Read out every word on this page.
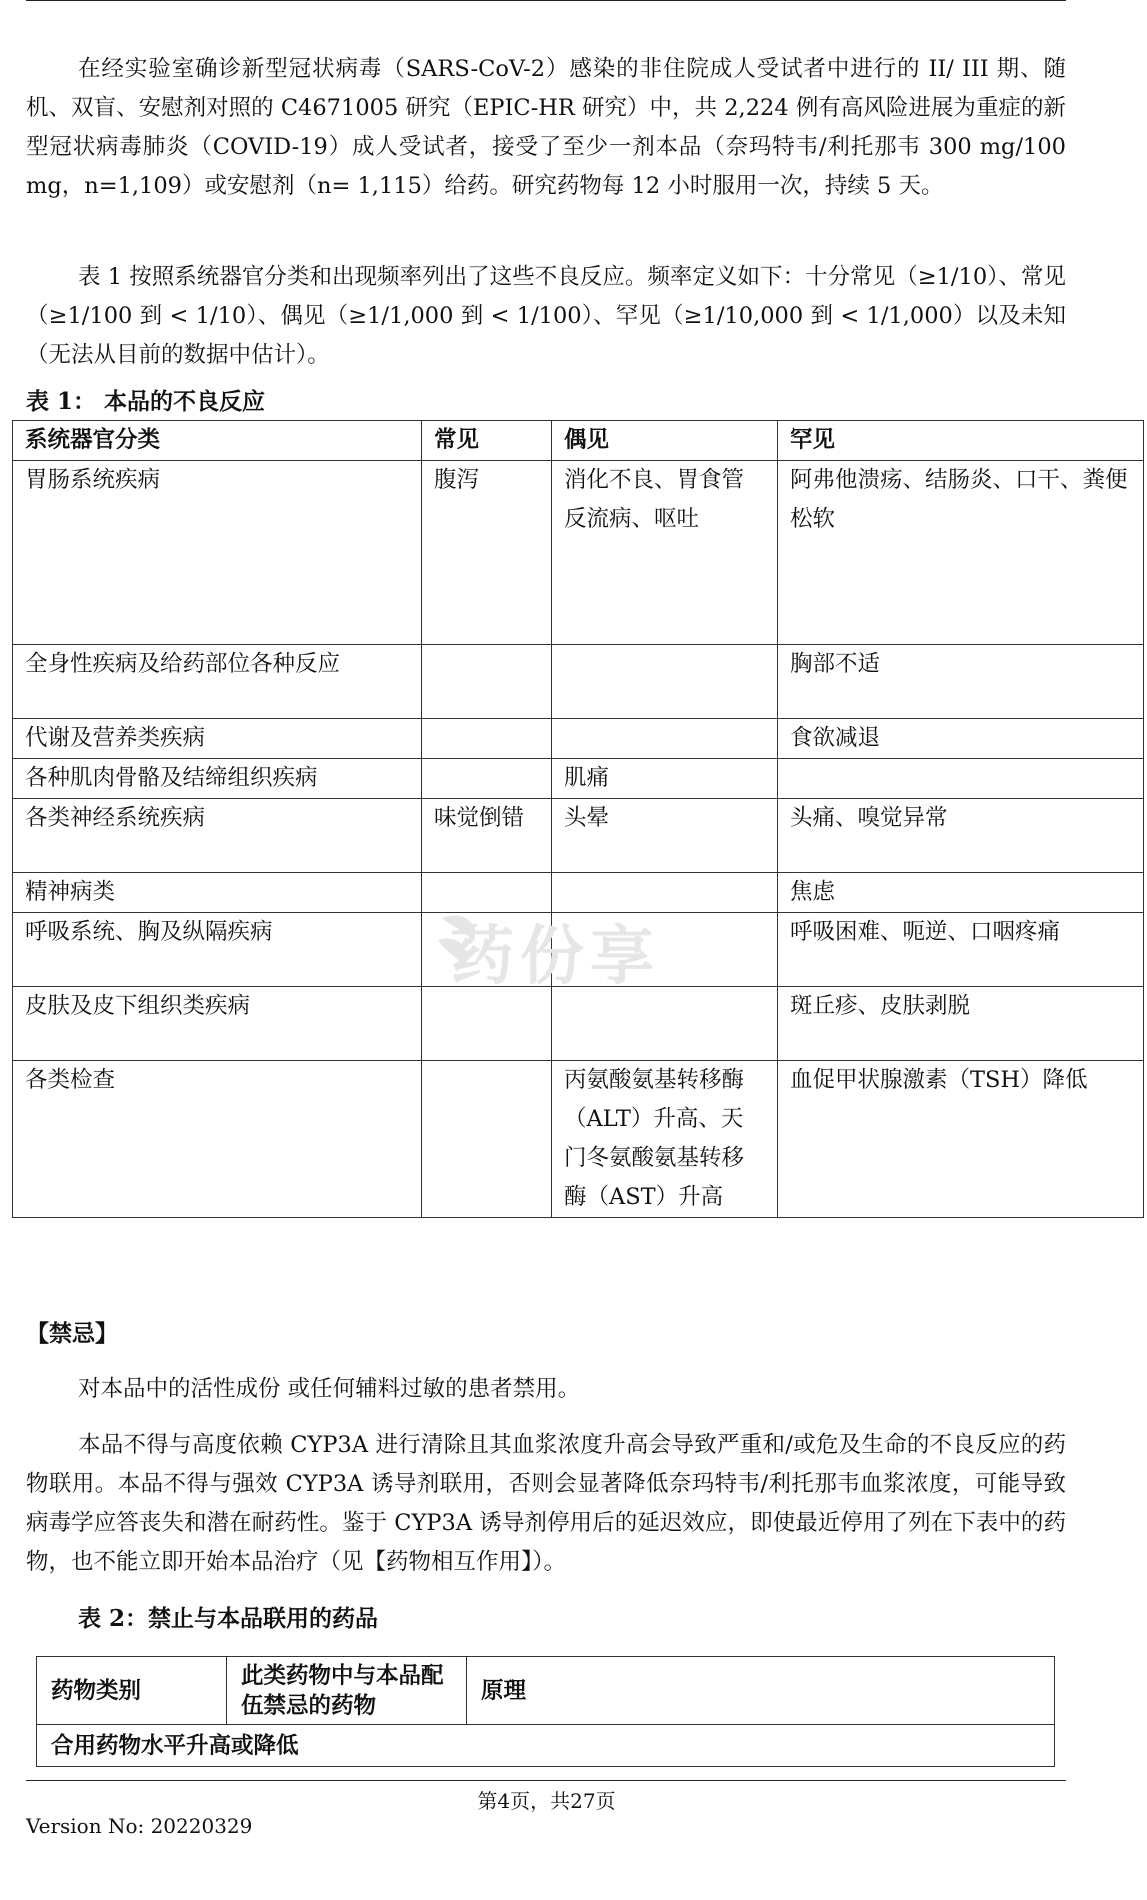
在经实验室确诊新型冠状病毒（SARS-CoV-2）感染的非住院成人受试者中进行的 II/ III 期、随机、双盲、安慰剂对照的 C4671005 研究（EPIC-HR 研究）中，共 2,224 例有高风险进展为重症的新型冠状病毒肺炎（COVID-19）成人受试者，接受了至少一剂本品（奈玛特韦/利托那韦 300 mg/100 mg，n=1,109）或安慰剂（n= 1,115）给药。研究药物每 12 小时服用一次，持续 5 天。

表 1 按照系统器官分类和出现频率列出了这些不良反应。频率定义如下：十分常见（≥1/10）、常见（≥1/100 到 < 1/10）、偶见（≥1/1,000 到 < 1/100）、罕见（≥1/10,000 到 < 1/1,000）以及未知（无法从目前的数据中估计）。

表 1： 本品的不良反应

系统器官分类	常见	偶见	罕见
胃肠系统疾病	腹泻	消化不良、胃食管反流病、呕吐	阿弗他溃疡、结肠炎、口干、粪便松软
全身性疾病及给药部位各种反应			胸部不适
代谢及营养类疾病			食欲减退
各种肌肉骨骼及结缔组织疾病		肌痛	
各类神经系统疾病	味觉倒错	头晕	头痛、嗅觉异常
精神病类			焦虑
呼吸系统、胸及纵隔疾病			呼吸困难、呃逆、口咽疼痛
皮肤及皮下组织类疾病			斑丘疹、皮肤剥脱
各类检查		丙氨酸氨基转移酶（ALT）升高、天门冬氨酸氨基转移酶（AST）升高	血促甲状腺激素（TSH）降低
药份享

【禁忌】

对本品中的活性成份 或任何辅料过敏的患者禁用。

本品不得与高度依赖 CYP3A 进行清除且其血浆浓度升高会导致严重和/或危及生命的不良反应的药物联用。本品不得与强效 CYP3A 诱导剂联用，否则会显著降低奈玛特韦/利托那韦血浆浓度，可能导致病毒学应答丧失和潜在耐药性。鉴于 CYP3A 诱导剂停用后的延迟效应，即使最近停用了列在下表中的药物，也不能立即开始本品治疗（见【药物相互作用】）。

表 2：禁止与本品联用的药品

药物类别	此类药物中与本品配伍禁忌的药物	原理
合用药物水平升高或降低
第4页，共27页
Version No: 20220329
